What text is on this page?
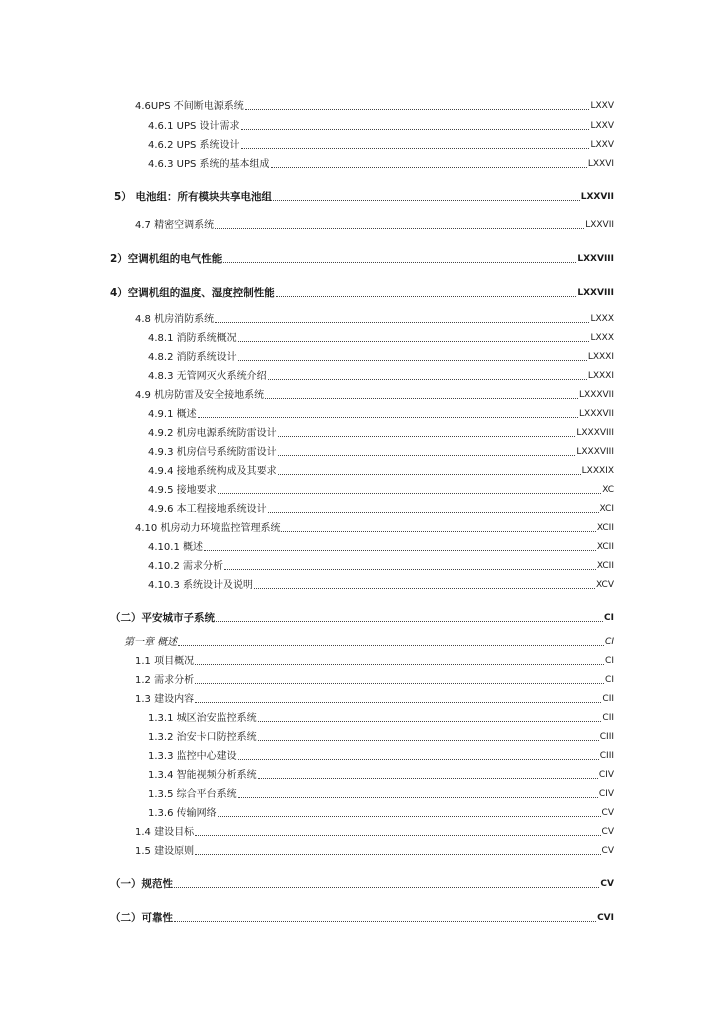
4.6UPS 不间断电源系统	LXXV
4.6.1 UPS 设计需求	LXXV
4.6.2 UPS 系统设计	LXXV
4.6.3 UPS 系统的基本组成	LXXVI
5） 电池组：所有模块共享电池组	LXXVII
4.7 精密空调系统	LXXVII
2）空调机组的电气性能	LXXVIII
4）空调机组的温度、湿度控制性能	LXXVIII
4.8 机房消防系统	LXXX
4.8.1 消防系统概况	LXXX
4.8.2 消防系统设计	LXXXI
4.8.3 无管网灭火系统介绍	LXXXI
4.9 机房防雷及安全接地系统	LXXXVII
4.9.1 概述	LXXXVII
4.9.2 机房电源系统防雷设计	LXXXVIII
4.9.3 机房信号系统防雷设计	LXXXVIII
4.9.4 接地系统构成及其要求	LXXXIX
4.9.5 接地要求	XC
4.9.6 本工程接地系统设计	XCI
4.10 机房动力环境监控管理系统	XCII
4.10.1 概述	XCII
4.10.2 需求分析	XCII
4.10.3 系统设计及说明	XCV
（二）平安城市子系统	CI
第一章 概述	CI
1.1 项目概况	CI
1.2 需求分析	CI
1.3 建设内容	CII
1.3.1 城区治安监控系统	CII
1.3.2 治安卡口防控系统	CIII
1.3.3 监控中心建设	CIII
1.3.4 智能视频分析系统	CIV
1.3.5 综合平台系统	CIV
1.3.6 传输网络	CV
1.4 建设目标	CV
1.5 建设原则	CV
（一）规范性	CV
（二）可靠性	CVI
